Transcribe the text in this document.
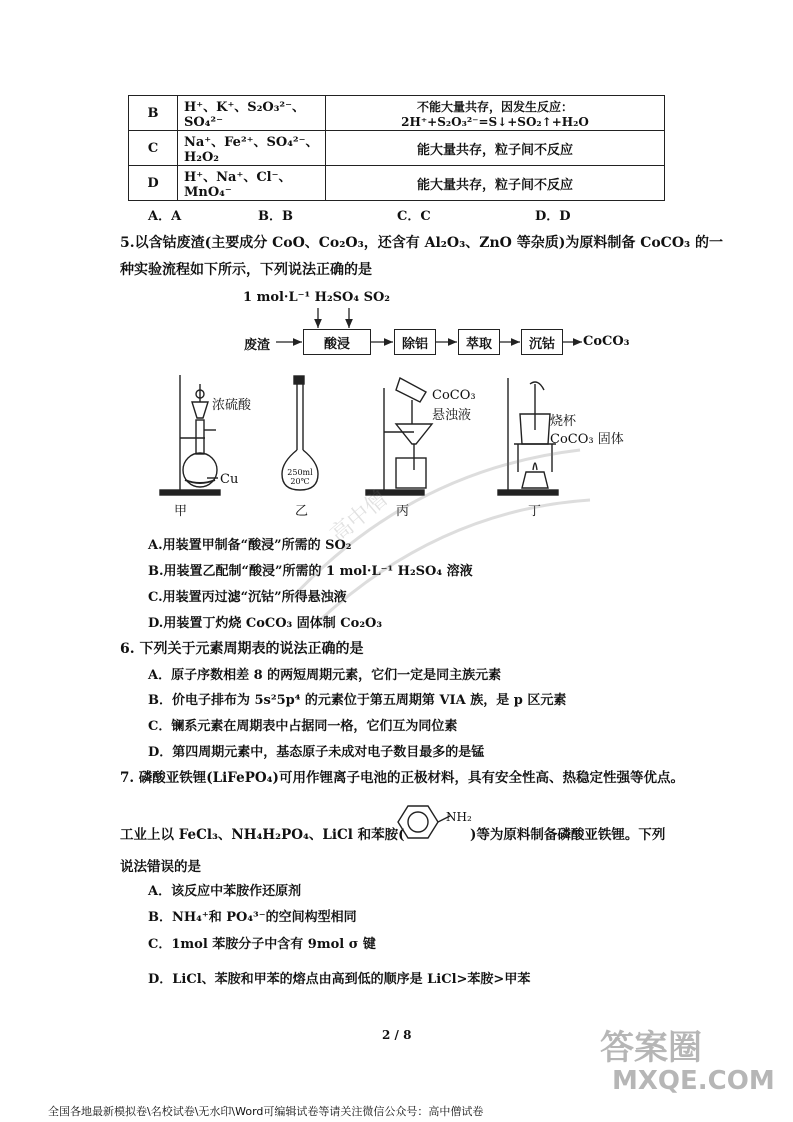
B	H⁺、K⁺、S₂O₃²⁻、SO₄²⁻	不能大量共存，因发生反应：2H⁺+S₂O₃²⁻=S↓+SO₂↑+H₂O
C	Na⁺、Fe²⁺、SO₄²⁻、H₂O₂	能大量共存，粒子间不反应
D	H⁺、Na⁺、Cl⁻、MnO₄⁻	能大量共存，粒子间不反应
A．A	B．B	C．C	D．D
5.以含钴废渣(主要成分 CoO、Co₂O₃，还含有 Al₂O₃、ZnO 等杂质)为原料制备 CoCO₃ 的一
种实验流程如下所示，下列说法正确的是
1 mol·L⁻¹ H₂SO₄ SO₂
废渣	酸浸	除铝	萃取	沉钴	CoCO₃
浓硫酸
Cu	250ml 20℃
CoCO₃
悬浊液	烧杯
CoCO₃ 固体
甲	乙	丙	丁
A.用装置甲制备“酸浸”所需的 SO₂
B.用装置乙配制“酸浸”所需的 1 mol·L⁻¹ H₂SO₄ 溶液
C.用装置丙过滤“沉钴”所得悬浊液
D.用装置丁灼烧 CoCO₃ 固体制 Co₂O₃
6. 下列关于元素周期表的说法正确的是
A．原子序数相差 8 的两短周期元素，它们一定是同主族元素
B．价电子排布为 5s²5p⁴ 的元素位于第五周期第 VIA 族，是 p 区元素
C．镧系元素在周期表中占据同一格，它们互为同位素
D．第四周期元素中，基态原子未成对电子数目最多的是锰
7. 磷酸亚铁锂(LiFePO₄)可用作锂离子电池的正极材料，具有安全性高、热稳定性强等优点。
工业上以 FeCl₃、NH₄H₂PO₄、LiCl 和苯胺(
NH₂
)等为原料制备磷酸亚铁锂。下列
说法错误的是
A．该反应中苯胺作还原剂
B．NH₄⁺和 PO₄³⁻的空间构型相同
C．1mol 苯胺分子中含有 9mol σ 键
D．LiCl、苯胺和甲苯的熔点由高到低的顺序是 LiCl>苯胺>甲苯
高中僧
答案圈
MXQE.COM
2 / 8
全国各地最新模拟卷\名校试卷\无水印\Word可编辑试卷等请关注微信公众号：高中僧试卷
